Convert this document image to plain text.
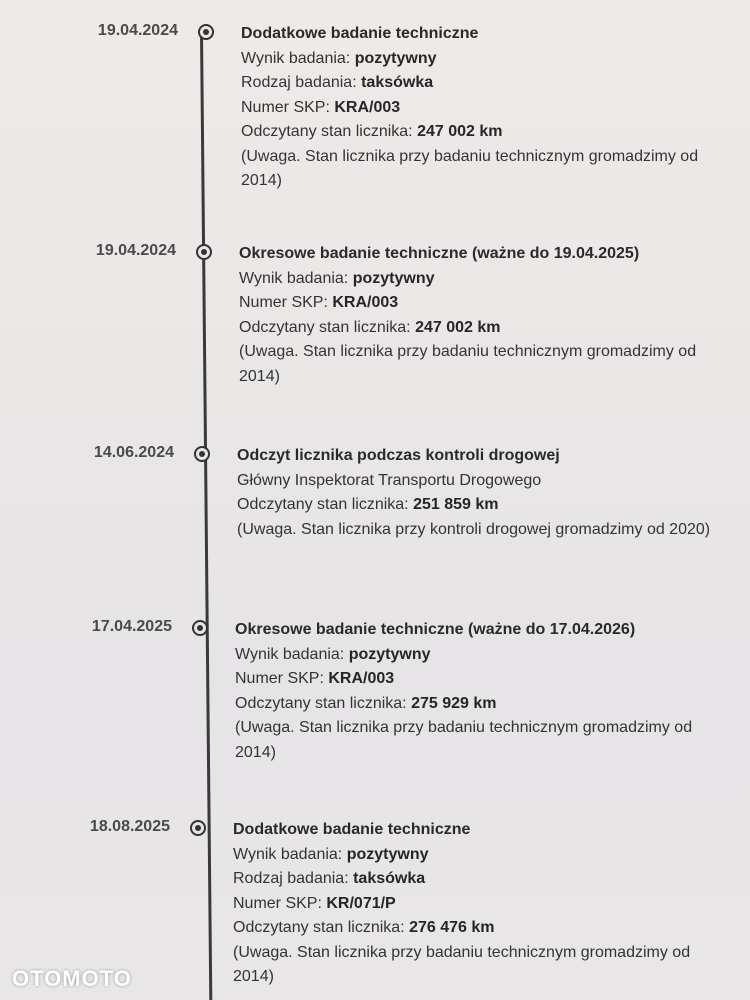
19.04.2024	Dodatkowe badanie techniczne
Wynik badania: pozytywny
Rodzaj badania: taksówka
Numer SKP: KRA/003
Odczytany stan licznika: 247 002 km
(Uwaga. Stan licznika przy badaniu technicznym gromadzimy od 2014)
19.04.2024	Okresowe badanie techniczne (ważne do 19.04.2025)
Wynik badania: pozytywny
Numer SKP: KRA/003
Odczytany stan licznika: 247 002 km
(Uwaga. Stan licznika przy badaniu technicznym gromadzimy od 2014)
14.06.2024	Odczyt licznika podczas kontroli drogowej
Główny Inspektorat Transportu Drogowego
Odczytany stan licznika: 251 859 km
(Uwaga. Stan licznika przy kontroli drogowej gromadzimy od 2020)
17.04.2025	Okresowe badanie techniczne (ważne do 17.04.2026)
Wynik badania: pozytywny
Numer SKP: KRA/003
Odczytany stan licznika: 275 929 km
(Uwaga. Stan licznika przy badaniu technicznym gromadzimy od 2014)
18.08.2025	Dodatkowe badanie techniczne
Wynik badania: pozytywny
Rodzaj badania: taksówka
Numer SKP: KR/071/P
Odczytany stan licznika: 276 476 km
(Uwaga. Stan licznika przy badaniu technicznym gromadzimy od 2014)
OTOMOTO
